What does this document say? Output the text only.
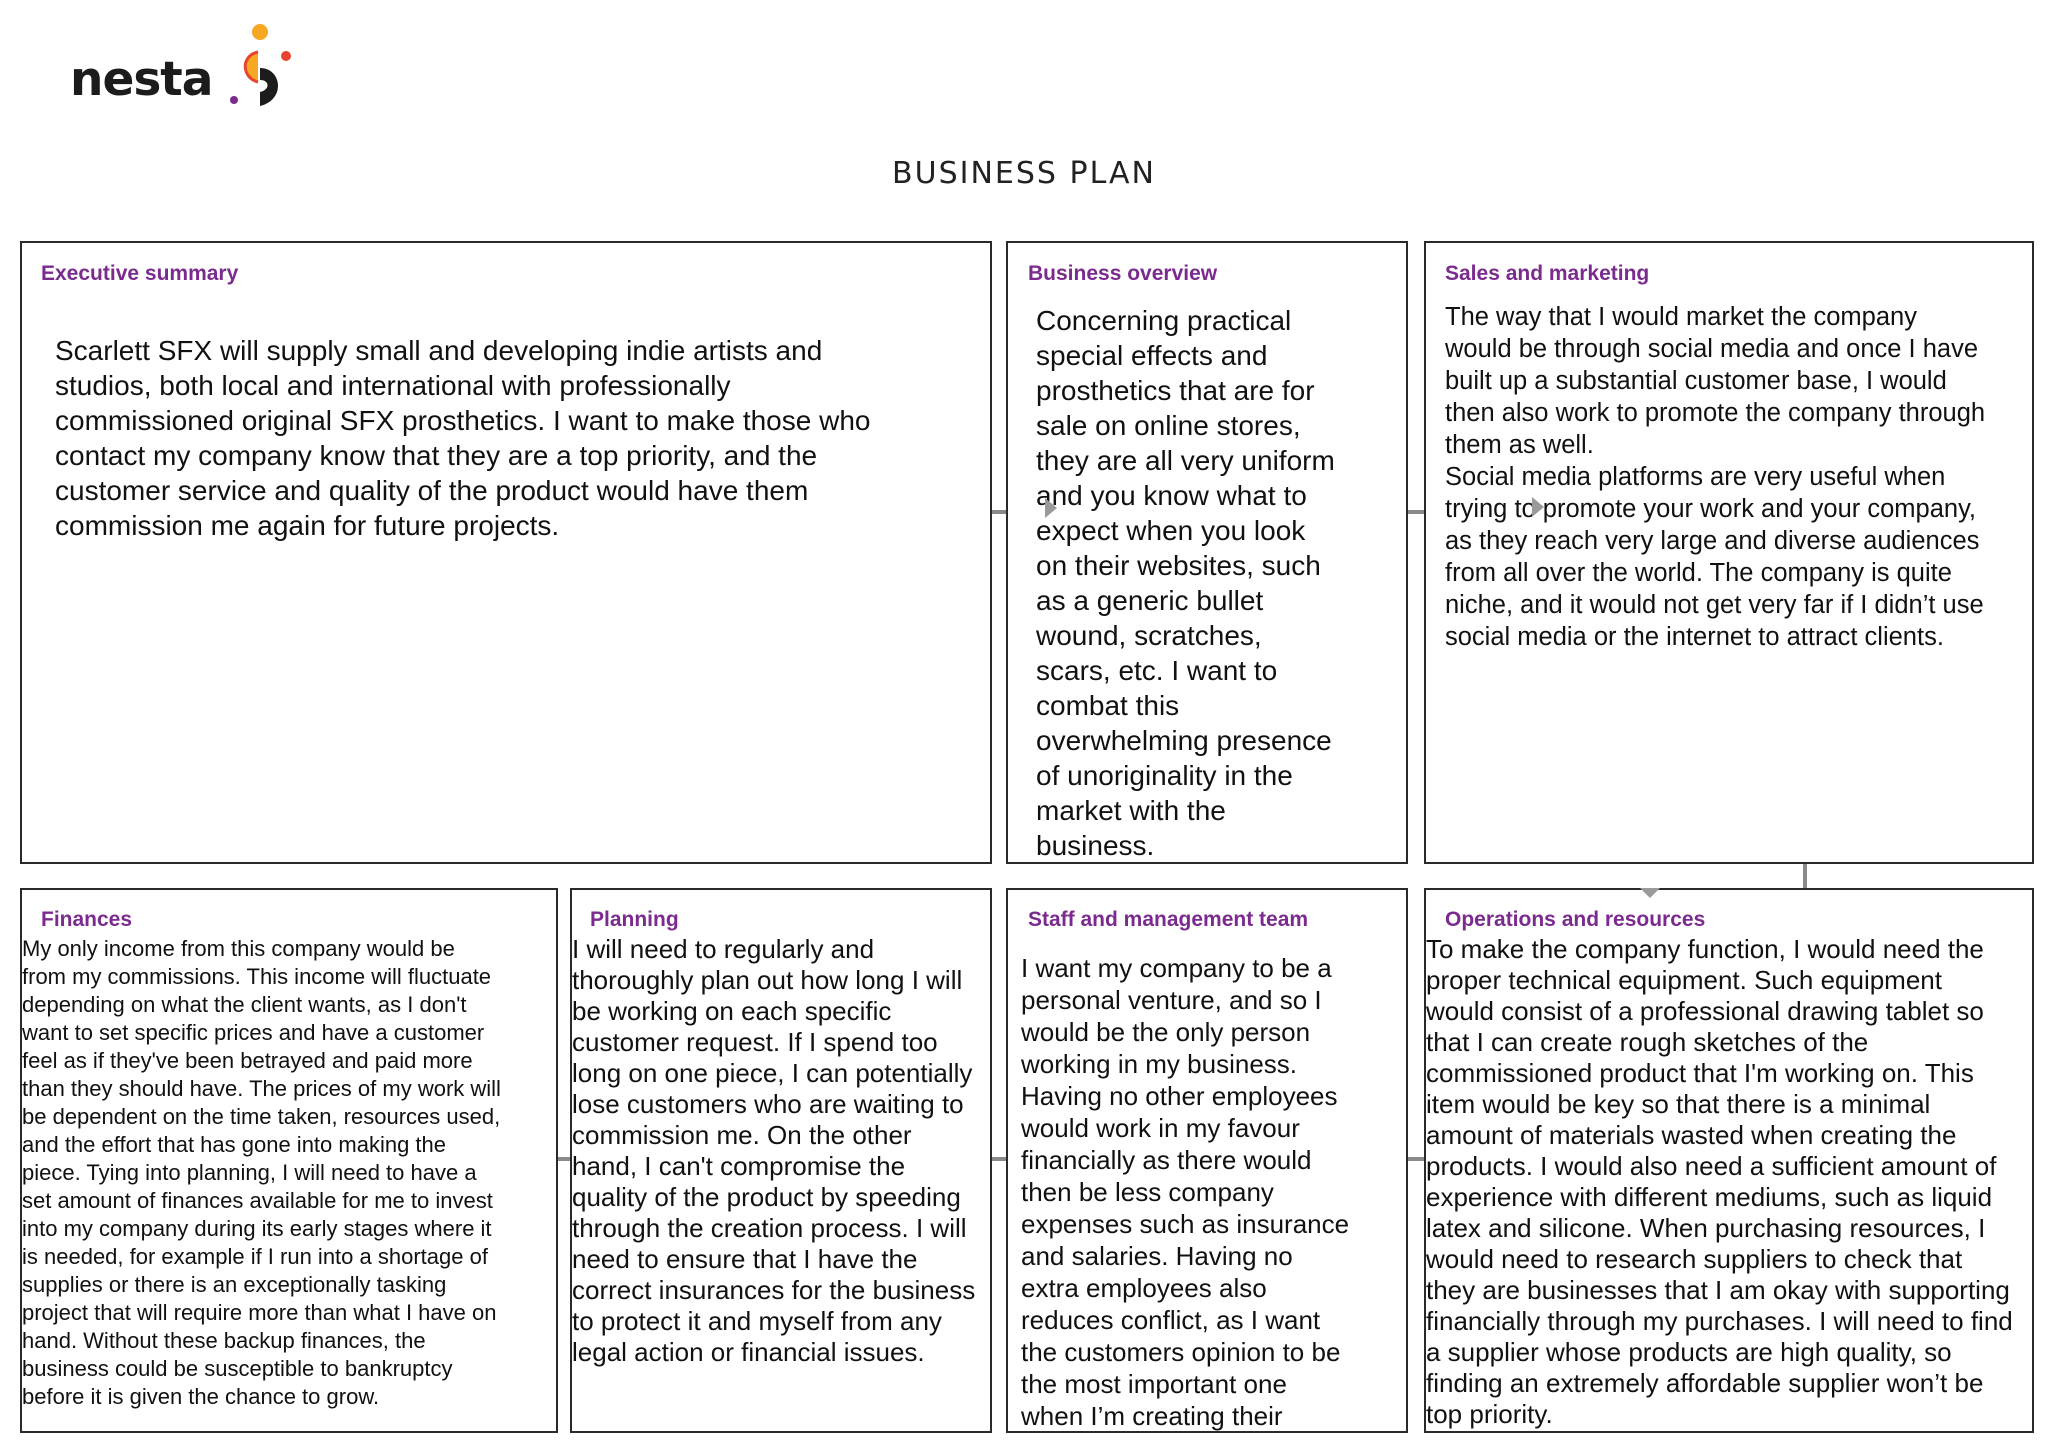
nesta
BUSINESS PLAN
Executive summary

Scarlett SFX will supply small and developing indie artists and
studios, both local and international with professionally
commissioned original SFX prosthetics. I want to make those who
contact my company know that they are a top priority, and the
customer service and quality of the product would have them
commission me again for future projects.

Business overview

Concerning practical
special effects and
prosthetics that are for
sale on online stores,
they are all very uniform
and you know what to
expect when you look
on their websites, such
as a generic bullet
wound, scratches,
scars, etc. I want to
combat this
overwhelming presence
of unoriginality in the
market with the
business.

Sales and marketing

The way that I would market the company
would be through social media and once I have
built up a substantial customer base, I would
then also work to promote the company through
them as well.
Social media platforms are very useful when
trying to promote your work and your company,
as they reach very large and diverse audiences
from all over the world. The company is quite
niche, and it would not get very far if I didn’t use
social media or the internet to attract clients.

Finances

My only income from this company would be
from my commissions. This income will fluctuate
depending on what the client wants, as I don't
want to set specific prices and have a customer
feel as if they've been betrayed and paid more
than they should have. The prices of my work will
be dependent on the time taken, resources used,
and the effort that has gone into making the
piece. Tying into planning, I will need to have a
set amount of finances available for me to invest
into my company during its early stages where it
is needed, for example if I run into a shortage of
supplies or there is an exceptionally tasking
project that will require more than what I have on
hand. Without these backup finances, the
business could be susceptible to bankruptcy
before it is given the chance to grow.

Planning

I will need to regularly and
thoroughly plan out how long I will
be working on each specific
customer request. If I spend too
long on one piece, I can potentially
lose customers who are waiting to
commission me. On the other
hand, I can't compromise the
quality of the product by speeding
through the creation process. I will
need to ensure that I have the
correct insurances for the business
to protect it and myself from any
legal action or financial issues.

Staff and management team

I want my company to be a
personal venture, and so I
would be the only person
working in my business.
Having no other employees
would work in my favour
financially as there would
then be less company
expenses such as insurance
and salaries. Having no
extra employees also
reduces conflict, as I want
the customers opinion to be
the most important one
when I’m creating their

Operations and resources

To make the company function, I would need the
proper technical equipment. Such equipment
would consist of a professional drawing tablet so
that I can create rough sketches of the
commissioned product that I'm working on. This
item would be key so that there is a minimal
amount of materials wasted when creating the
products. I would also need a sufficient amount of
experience with different mediums, such as liquid
latex and silicone. When purchasing resources, I
would need to research suppliers to check that
they are businesses that I am okay with supporting
financially through my purchases. I will need to find
a supplier whose products are high quality, so
finding an extremely affordable supplier won’t be
top priority.
